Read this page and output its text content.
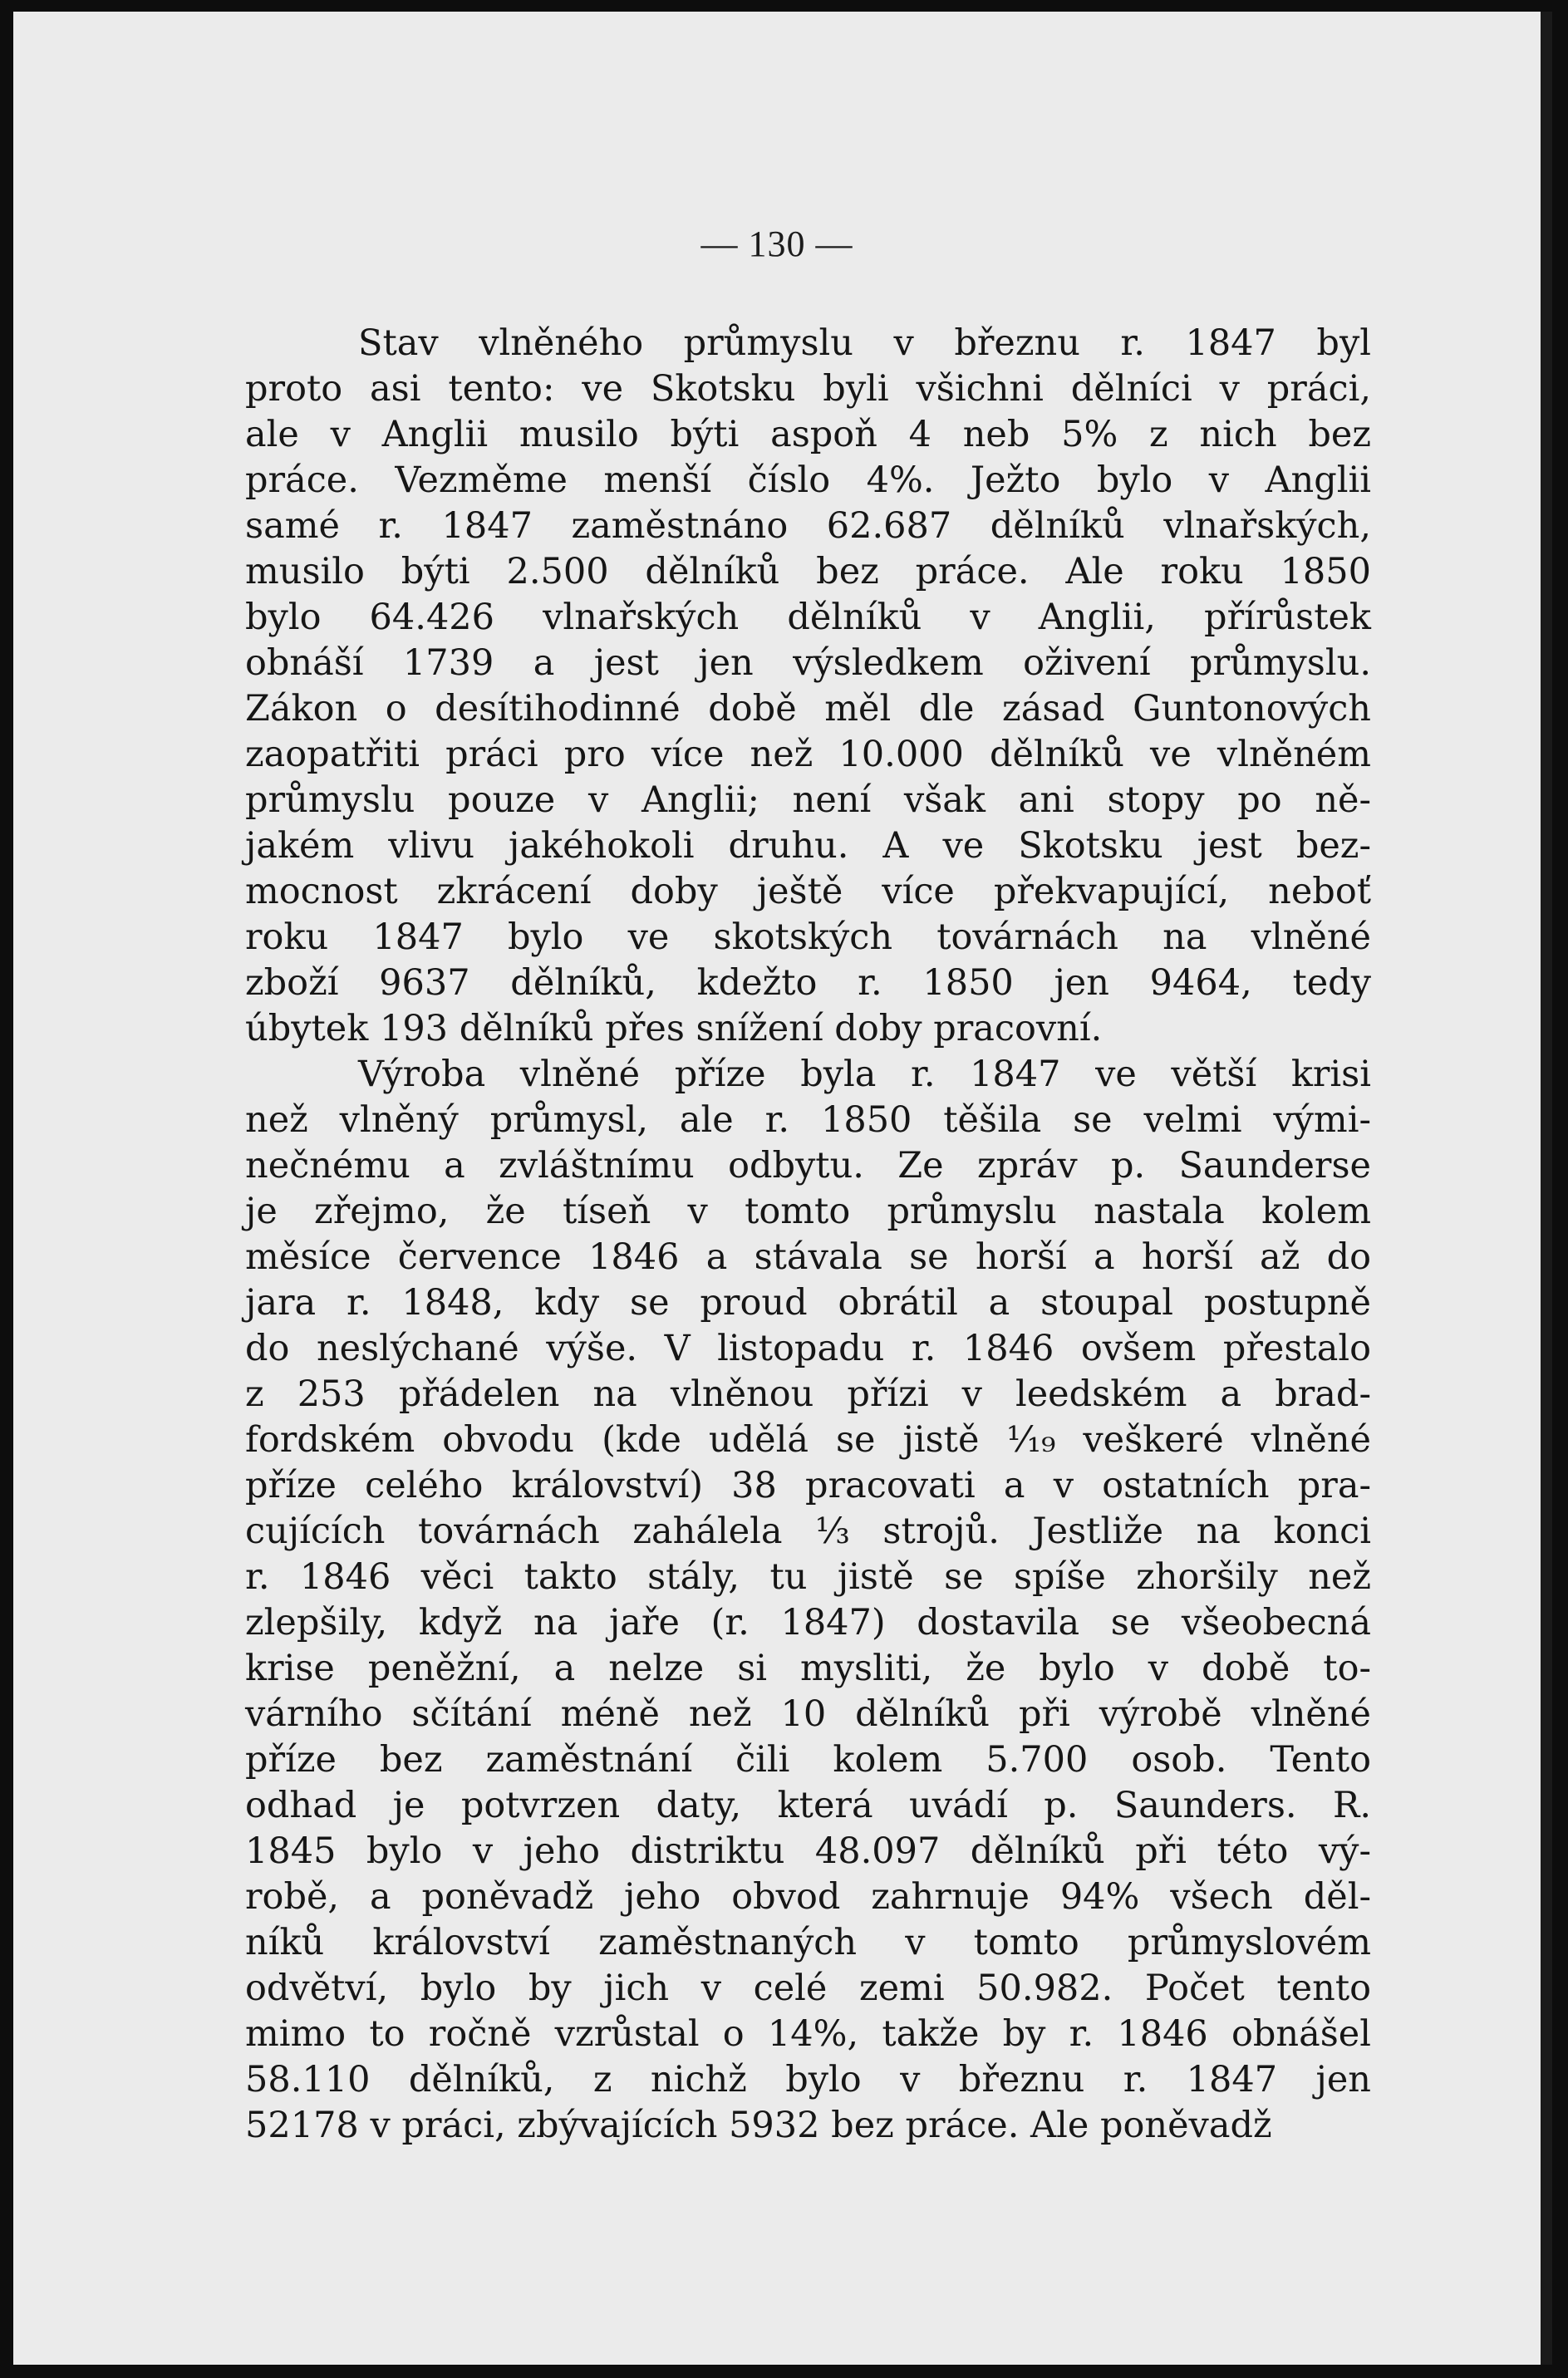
— 130 —
Stav vlněného průmyslu v březnu r. 1847 byl
proto asi tento: ve Skotsku byli všichni dělníci v práci,
ale v Anglii musilo býti aspoň 4 neb 5% z nich bez
práce. Vezměme menší číslo 4%. Ježto bylo v Anglii
samé r. 1847 zaměstnáno 62.687 dělníků vlnařských,
musilo býti 2.500 dělníků bez práce. Ale roku 1850
bylo 64.426 vlnařských dělníků v Anglii, přírůstek
obnáší 1739 a jest jen výsledkem oživení průmyslu.
Zákon o desítihodinné době měl dle zásad Guntonových
zaopatřiti práci pro více než 10.000 dělníků ve vlněném
průmyslu pouze v Anglii; není však ani stopy po ně-
jakém vlivu jakéhokoli druhu. A ve Skotsku jest bez-
mocnost zkrácení doby ještě více překvapující, neboť
roku 1847 bylo ve skotských továrnách na vlněné
zboží 9637 dělníků, kdežto r. 1850 jen 9464, tedy
úbytek 193 dělníků přes snížení doby pracovní.
Výroba vlněné příze byla r. 1847 ve větší krisi
než vlněný průmysl, ale r. 1850 těšila se velmi vými-
nečnému a zvláštnímu odbytu. Ze zpráv p. Saunderse
je zřejmo, že tíseň v tomto průmyslu nastala kolem
měsíce července 1846 a stávala se horší a horší až do
jara r. 1848, kdy se proud obrátil a stoupal postupně
do neslýchané výše. V listopadu r. 1846 ovšem přestalo
z 253 přádelen na vlněnou přízi v leedském a brad-
fordském obvodu (kde udělá se jistě ⅟₁₉ veškeré vlněné
příze celého království) 38 pracovati a v ostatních pra-
cujících továrnách zahálela ⅓ strojů. Jestliže na konci
r. 1846 věci takto stály, tu jistě se spíše zhoršily než
zlepšily, když na jaře (r. 1847) dostavila se všeobecná
krise peněžní, a nelze si mysliti, že bylo v době to-
várního sčítání méně než 10 dělníků při výrobě vlněné
příze bez zaměstnání čili kolem 5.700 osob. Tento
odhad je potvrzen daty, která uvádí p. Saunders. R.
1845 bylo v jeho distriktu 48.097 dělníků při této vý-
robě, a poněvadž jeho obvod zahrnuje 94% všech děl-
níků království zaměstnaných v tomto průmyslovém
odvětví, bylo by jich v celé zemi 50.982. Počet tento
mimo to ročně vzrůstal o 14%, takže by r. 1846 obnášel
58.110 dělníků, z nichž bylo v březnu r. 1847 jen
52178 v práci, zbývajících 5932 bez práce. Ale poněvadž
